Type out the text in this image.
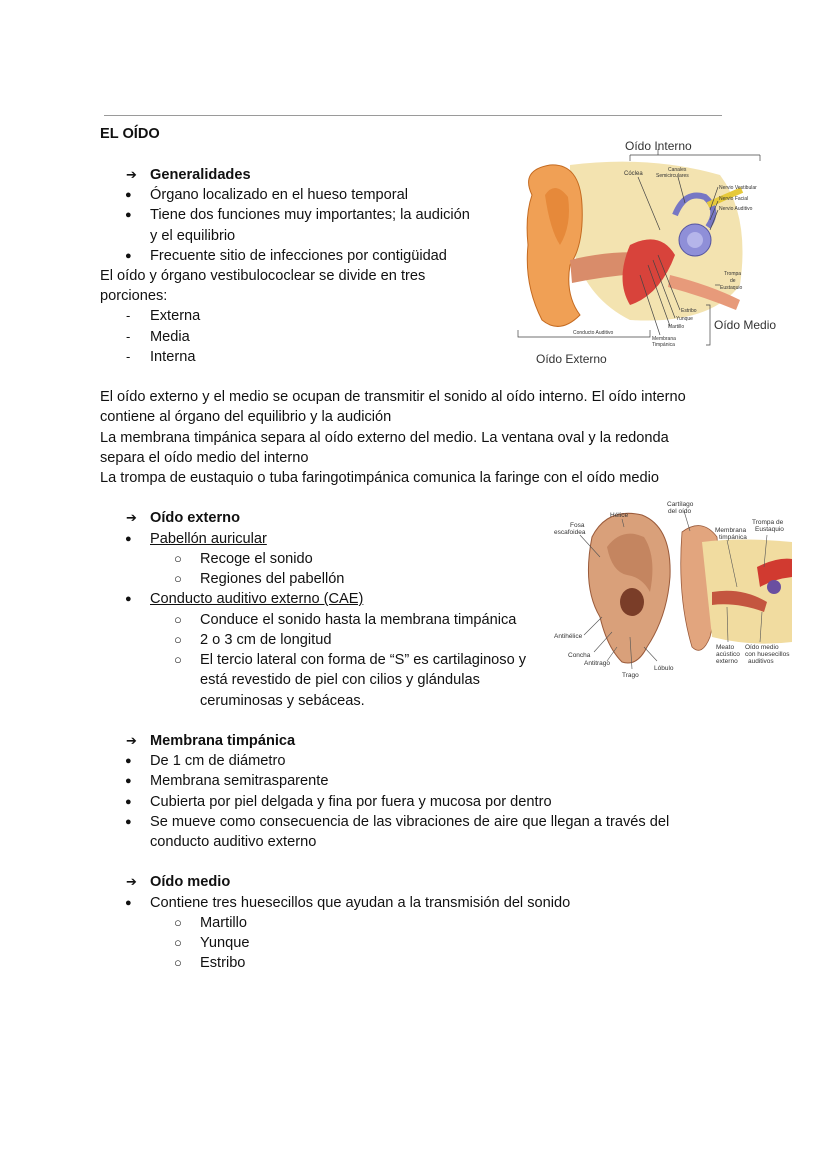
EL OÍDO
➔ Generalidades
● Órgano localizado en el hueso temporal
● Tiene dos funciones muy importantes; la audición
y el equilibrio
● Frecuente sitio de infecciones por contigüidad
El oído y órgano vestibulococlear se divide en tres
porciones:
- Externa
- Media
- Interna
Oído Interno
Cóclea
Canales
Semicirculares
Nervio Vestibular
Nervio Facial
Nervio Auditivo
Trompa
de
Eustaquio
Estribo
Yunque
Martillo Oído Medio
Conducto Auditivo
Membrana
Timpánica
Oído Externo
El oído externo y el medio se ocupan de transmitir el sonido al oído interno. El oído interno
contiene al órgano del equilibrio y la audición
La membrana timpánica separa al oído externo del medio. La ventana oval y la redonda
separa el oído medio del interno
La trompa de eustaquio o tuba faringotimpánica comunica la faringe con el oído medio
➔ Oído externo
● Pabellón auricular
○ Recoge el sonido
○ Regiones del pabellón
● Conducto auditivo externo (CAE)
○ Conduce el sonido hasta la membrana timpánica
○ 2 o 3 cm de longitud
○ El tercio lateral con forma de “S” es cartilaginoso y
está revestido de piel con cilios y glándulas
ceruminosas y sebáceas.
Cartílago
del oído
Hélice
Fosa
escafoidea	Membrana
timpánica
Trompa de
Eustaquio
Antihélice
Concha
Antitrago
Lóbulo
Trago
Meato
acústico
externo
Oído medio
con huesecillos
auditivos
➔ Membrana timpánica
● De 1 cm de diámetro
● Membrana semitrasparente
● Cubierta por piel delgada y fina por fuera y mucosa por dentro
● Se mueve como consecuencia de las vibraciones de aire que llegan a través del
conducto auditivo externo
➔ Oído medio
● Contiene tres huesecillos que ayudan a la transmisión del sonido
○ Martillo
○ Yunque
○ Estribo
